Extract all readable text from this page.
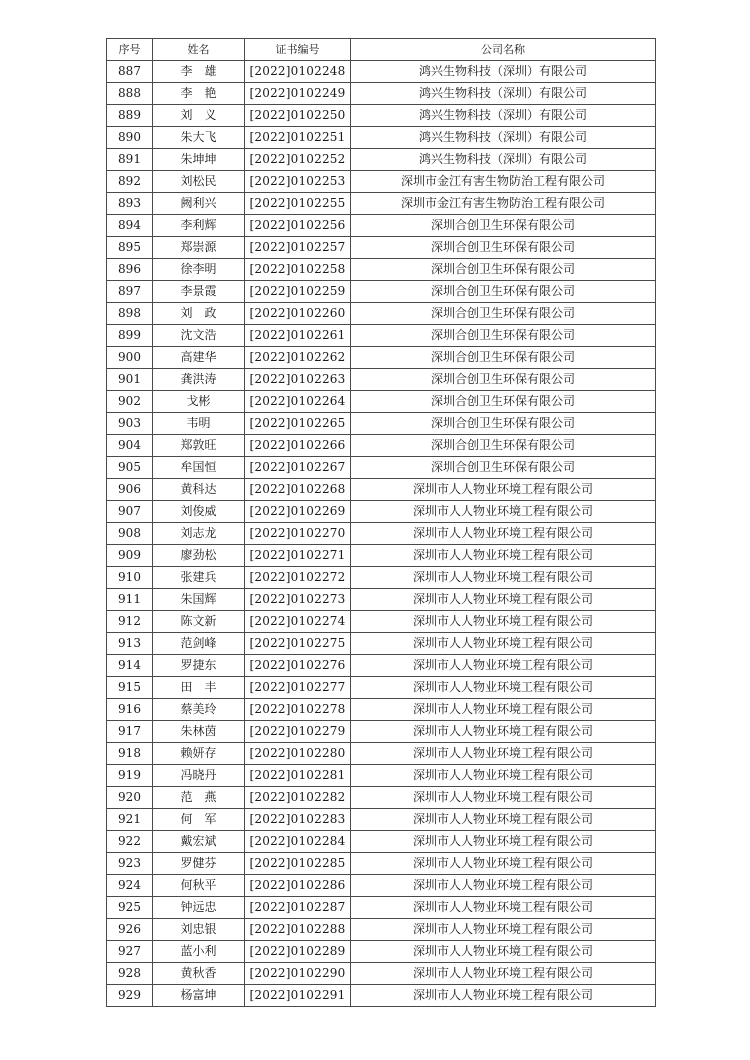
序号	姓名	证书编号	公司名称
887	李　雄	[2022]0102248	鸿兴生物科技（深圳）有限公司
888	李　艳	[2022]0102249	鸿兴生物科技（深圳）有限公司
889	刘　义	[2022]0102250	鸿兴生物科技（深圳）有限公司
890	朱大飞	[2022]0102251	鸿兴生物科技（深圳）有限公司
891	朱坤坤	[2022]0102252	鸿兴生物科技（深圳）有限公司
892	刘松民	[2022]0102253	深圳市金江有害生物防治工程有限公司
893	阙利兴	[2022]0102255	深圳市金江有害生物防治工程有限公司
894	李利辉	[2022]0102256	深圳合创卫生环保有限公司
895	郑崇源	[2022]0102257	深圳合创卫生环保有限公司
896	徐李明	[2022]0102258	深圳合创卫生环保有限公司
897	李景霞	[2022]0102259	深圳合创卫生环保有限公司
898	刘　政	[2022]0102260	深圳合创卫生环保有限公司
899	沈文浩	[2022]0102261	深圳合创卫生环保有限公司
900	高建华	[2022]0102262	深圳合创卫生环保有限公司
901	龚洪涛	[2022]0102263	深圳合创卫生环保有限公司
902	戈彬	[2022]0102264	深圳合创卫生环保有限公司
903	韦明	[2022]0102265	深圳合创卫生环保有限公司
904	郑敦旺	[2022]0102266	深圳合创卫生环保有限公司
905	牟国恒	[2022]0102267	深圳合创卫生环保有限公司
906	黄科达	[2022]0102268	深圳市人人物业环境工程有限公司
907	刘俊威	[2022]0102269	深圳市人人物业环境工程有限公司
908	刘志龙	[2022]0102270	深圳市人人物业环境工程有限公司
909	廖劲松	[2022]0102271	深圳市人人物业环境工程有限公司
910	张建兵	[2022]0102272	深圳市人人物业环境工程有限公司
911	朱国辉	[2022]0102273	深圳市人人物业环境工程有限公司
912	陈文新	[2022]0102274	深圳市人人物业环境工程有限公司
913	范剑峰	[2022]0102275	深圳市人人物业环境工程有限公司
914	罗捷东	[2022]0102276	深圳市人人物业环境工程有限公司
915	田　丰	[2022]0102277	深圳市人人物业环境工程有限公司
916	蔡美玲	[2022]0102278	深圳市人人物业环境工程有限公司
917	朱林茵	[2022]0102279	深圳市人人物业环境工程有限公司
918	赖妍存	[2022]0102280	深圳市人人物业环境工程有限公司
919	冯晓丹	[2022]0102281	深圳市人人物业环境工程有限公司
920	范　燕	[2022]0102282	深圳市人人物业环境工程有限公司
921	何　军	[2022]0102283	深圳市人人物业环境工程有限公司
922	戴宏斌	[2022]0102284	深圳市人人物业环境工程有限公司
923	罗健芬	[2022]0102285	深圳市人人物业环境工程有限公司
924	何秋平	[2022]0102286	深圳市人人物业环境工程有限公司
925	钟远忠	[2022]0102287	深圳市人人物业环境工程有限公司
926	刘忠银	[2022]0102288	深圳市人人物业环境工程有限公司
927	蓝小利	[2022]0102289	深圳市人人物业环境工程有限公司
928	黄秋香	[2022]0102290	深圳市人人物业环境工程有限公司
929	杨富坤	[2022]0102291	深圳市人人物业环境工程有限公司
